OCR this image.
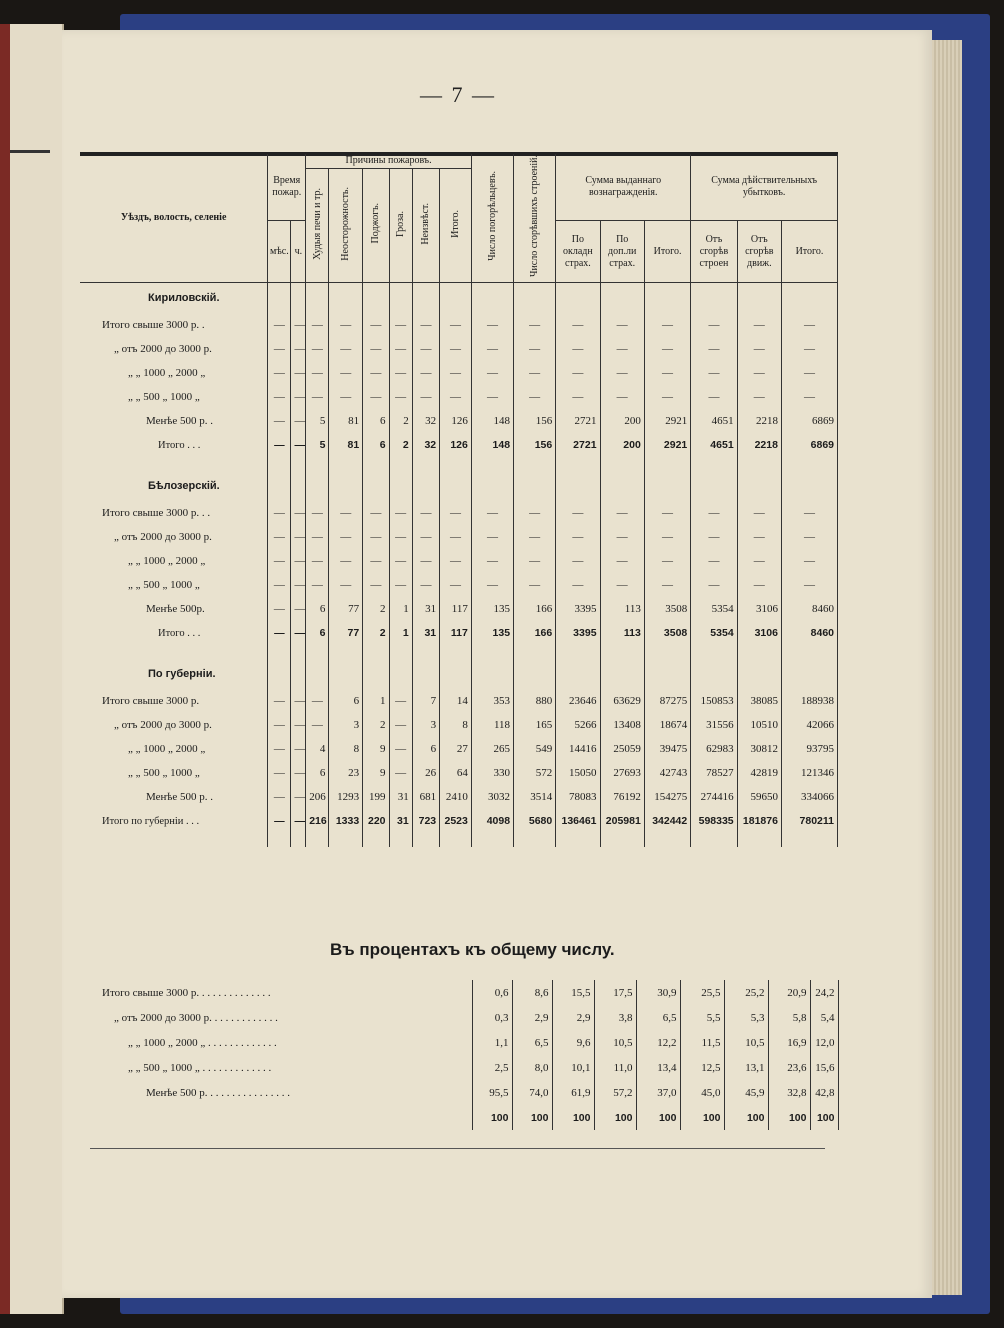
— 7 —
Уѣздъ, волость, селеніе	Время пожар.		Причины пожаровъ.						Число погорѣльцевъ.	Число сгорѣвшихъ строеній.	Сумма выданнаго вознагражденія.			Сумма дѣйствительныхъ убытковъ.		
			Худыя печи и тр.	Неосторожность.	Поджогъ.	Гроза.	Неизвѣст.	Итого.								
	мѣс.	ч.									По окладн страх.	По доп.ли страх.	Итого.	Отъ сгорѣв строен	Отъ сгорѣв движ.	Итого.
Кириловскій.																
Итого свыше 3000 р. .	—	—	—	—	—	—	—	—	—	—	—	—	—	—	—	—
„ отъ 2000 до 3000 р.	—	—	—	—	—	—	—	—	—	—	—	—	—	—	—	—
„ „ 1000 „ 2000 „	—	—	—	—	—	—	—	—	—	—	—	—	—	—	—	—
„ „ 500 „ 1000 „	—	—	—	—	—	—	—	—	—	—	—	—	—	—	—	—
Менѣе 500 р. .	—	—	5	81	6	2	32	126	148	156	2721	200	2921	4651	2218	6869
Итого . . .	—	—	5	81	6	2	32	126	148	156	2721	200	2921	4651	2218	6869

Бѣлозерскій.																
Итого свыше 3000 р. . .	—	—	—	—	—	—	—	—	—	—	—	—	—	—	—	—
„ отъ 2000 до 3000 р.	—	—	—	—	—	—	—	—	—	—	—	—	—	—	—	—
„ „ 1000 „ 2000 „	—	—	—	—	—	—	—	—	—	—	—	—	—	—	—	—
„ „ 500 „ 1000 „	—	—	—	—	—	—	—	—	—	—	—	—	—	—	—	—
Менѣе 500р.	—	—	6	77	2	1	31	117	135	166	3395	113	3508	5354	3106	8460
Итого . . .	—	—	6	77	2	1	31	117	135	166	3395	113	3508	5354	3106	8460

По губерніи.																
Итого свыше 3000 р.	—	—	—	6	1	—	7	14	353	880	23646	63629	87275	150853	38085	188938
„ отъ 2000 до 3000 р.	—	—	—	3	2	—	3	8	118	165	5266	13408	18674	31556	10510	42066
„ „ 1000 „ 2000 „	—	—	4	8	9	—	6	27	265	549	14416	25059	39475	62983	30812	93795
„ „ 500 „ 1000 „	—	—	6	23	9	—	26	64	330	572	15050	27693	42743	78527	42819	121346
Менѣе 500 р. .	—	—	206	1293	199	31	681	2410	3032	3514	78083	76192	154275	274416	59650	334066
Итого по губерніи . . .	—	—	216	1333	220	31	723	2523	4098	5680	136461	205981	342442	598335	181876	780211

Въ процентахъ къ общему числу.
Итого свыше 3000 р. . . . . . . . . . . . . .	0,6	8,6	15,5	17,5	30,9	25,5	25,2	20,9	24,2
„ отъ 2000 до 3000 р. . . . . . . . . . . . .	0,3	2,9	2,9	3,8	6,5	5,5	5,3	5,8	5,4
„ „ 1000 „ 2000 „ . . . . . . . . . . . . .	1,1	6,5	9,6	10,5	12,2	11,5	10,5	16,9	12,0
„ „ 500 „ 1000 „ . . . . . . . . . . . . .	2,5	8,0	10,1	11,0	13,4	12,5	13,1	23,6	15,6
Менѣе 500 р. . . . . . . . . . . . . . . .	95,5	74,0	61,9	57,2	37,0	45,0	45,9	32,8	42,8
	100	100	100	100	100	100	100	100	100
